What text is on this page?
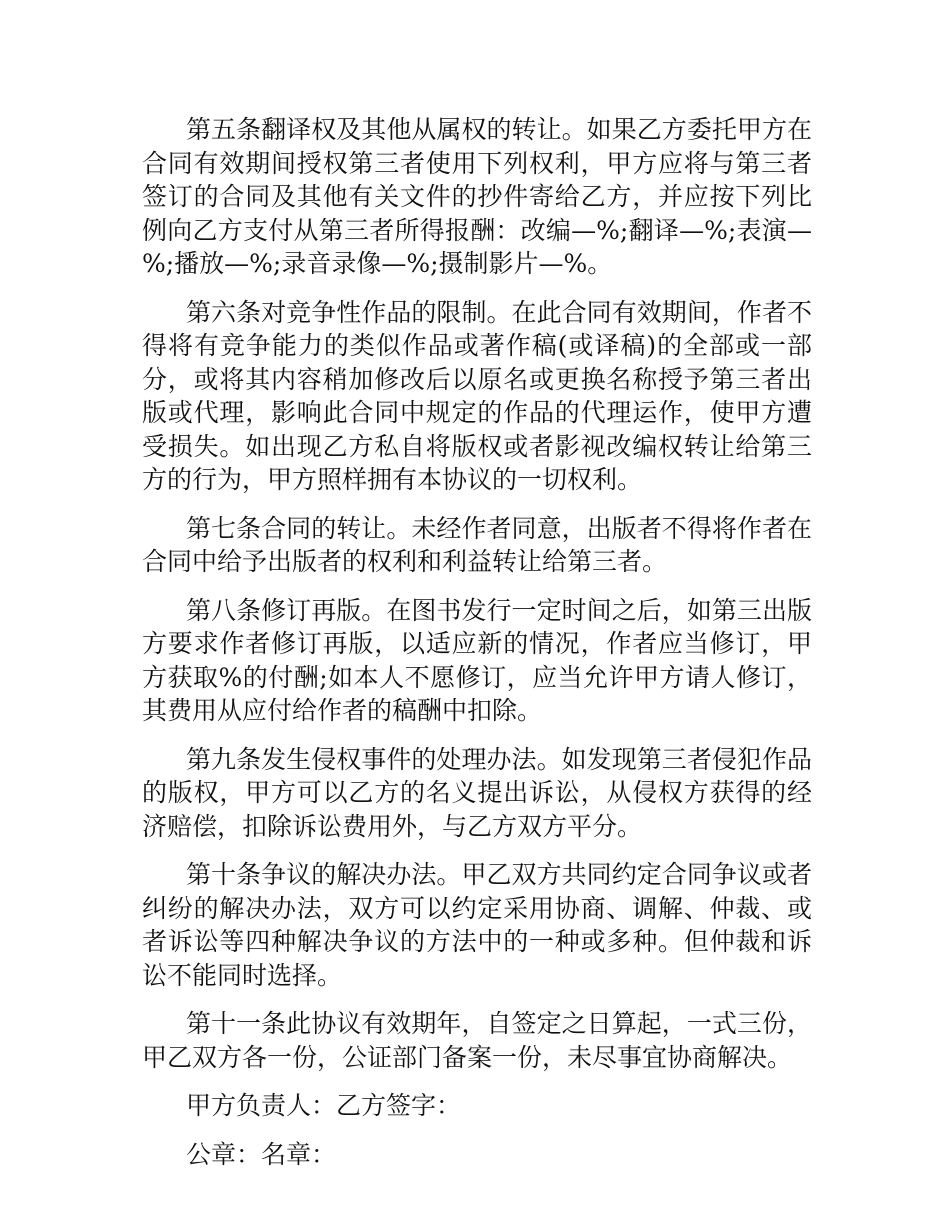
第五条翻译权及其他从属权的转让。如果乙方委托甲方在合同有效期间授权第三者使用下列权利，甲方应将与第三者签订的合同及其他有关文件的抄件寄给乙方，并应按下列比例向乙方支付从第三者所得报酬：改编—%;翻译—%;表演—%;播放—%;录音录像—%;摄制影片—%。

第六条对竞争性作品的限制。在此合同有效期间，作者不得将有竞争能力的类似作品或著作稿(或译稿)的全部或一部分，或将其内容稍加修改后以原名或更换名称授予第三者出版或代理，影响此合同中规定的作品的代理运作，使甲方遭受损失。如出现乙方私自将版权或者影视改编权转让给第三方的行为，甲方照样拥有本协议的一切权利。

第七条合同的转让。未经作者同意，出版者不得将作者在合同中给予出版者的权利和利益转让给第三者。

第八条修订再版。在图书发行一定时间之后，如第三出版方要求作者修订再版，以适应新的情况，作者应当修订，甲方获取%的付酬;如本人不愿修订，应当允许甲方请人修订，其费用从应付给作者的稿酬中扣除。

第九条发生侵权事件的处理办法。如发现第三者侵犯作品的版权，甲方可以乙方的名义提出诉讼，从侵权方获得的经济赔偿，扣除诉讼费用外，与乙方双方平分。

第十条争议的解决办法。甲乙双方共同约定合同争议或者纠纷的解决办法，双方可以约定采用协商、调解、仲裁、或者诉讼等四种解决争议的方法中的一种或多种。但仲裁和诉讼不能同时选择。

第十一条此协议有效期年，自签定之日算起，一式三份，甲乙双方各一份，公证部门备案一份，未尽事宜协商解决。

甲方负责人：乙方签字：

公章：名章：
